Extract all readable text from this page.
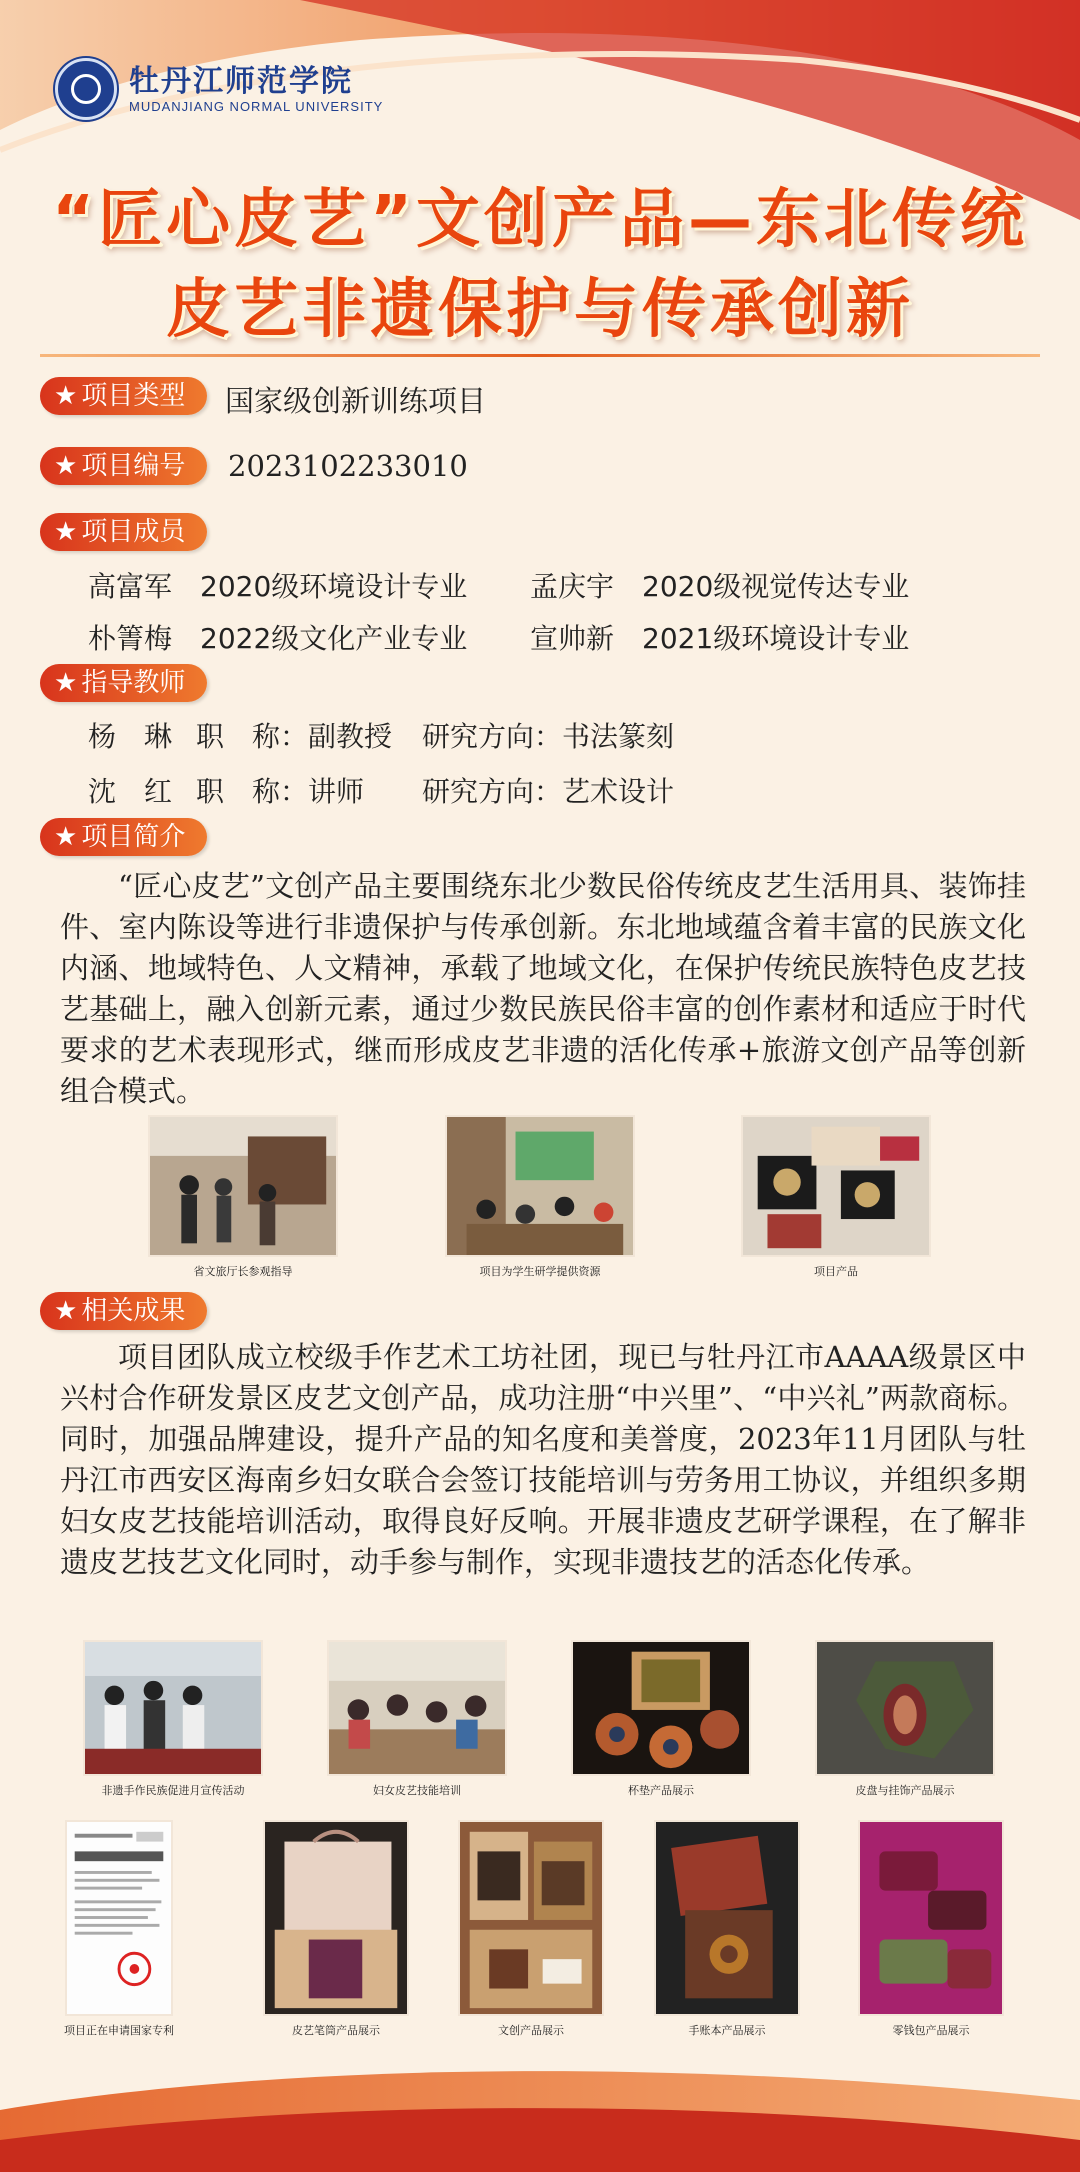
牡丹江师范学院
MUDANJIANG NORMAL UNIVERSITY
“匠心皮艺”文创产品—东北传统
皮艺非遗保护与传承创新
★ 项目类型	国家级创新训练项目
★ 项目编号	2023102233010
★ 项目成员
高富军 2020级环境设计专业 孟庆宇 2020级视觉传达专业
朴箐梅 2022级文化产业专业 宣帅新 2021级环境设计专业
★ 指导教师
杨　琳 职　称：副教授 研究方向：书法篆刻
沈　红 职　称：讲师 研究方向：艺术设计
★ 项目简介

“匠心皮艺”文创产品主要围绕东北少数民俗传统皮艺生活用具、装饰挂件、室内陈设等进行非遗保护与传承创新。东北地域蕴含着丰富的民族文化内涵、地域特色、人文精神，承载了地域文化，在保护传统民族特色皮艺技艺基础上，融入创新元素，通过少数民族民俗丰富的创作素材和适应于时代要求的艺术表现形式，继而形成皮艺非遗的活化传承+旅游文创产品等创新组合模式。

省文旅厅长参观指导	项目为学生研学提供资源	项目产品
★ 相关成果

项目团队成立校级手作艺术工坊社团，现已与牡丹江市AAAA级景区中兴村合作研发景区皮艺文创产品，成功注册“中兴里”、“中兴礼”两款商标。同时，加强品牌建设，提升产品的知名度和美誉度，2023年11月团队与牡丹江市西安区海南乡妇女联合会签订技能培训与劳务用工协议，并组织多期妇女皮艺技能培训活动，取得良好反响。开展非遗皮艺研学课程，在了解非遗皮艺技艺文化同时，动手参与制作，实现非遗技艺的活态化传承。

非遗手作民族促进月宣传活动	妇女皮艺技能培训	杯垫产品展示	皮盘与挂饰产品展示
项目正在申请国家专利	皮艺笔筒产品展示	文创产品展示	手账本产品展示	零钱包产品展示
